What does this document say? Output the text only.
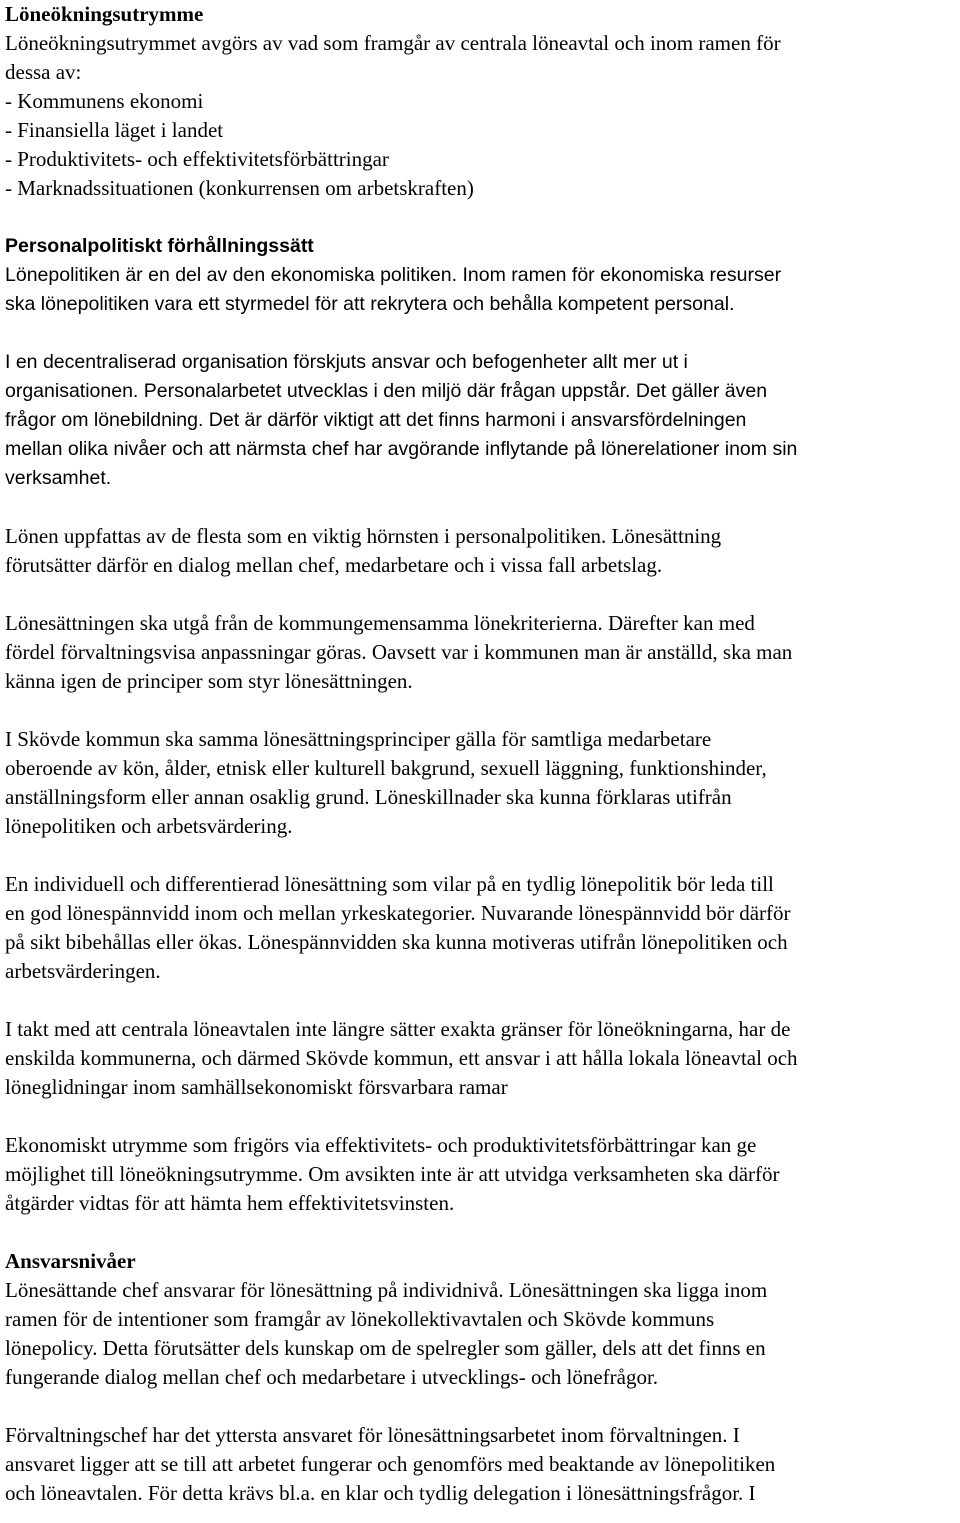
Löneökningsutrymme
Löneökningsutrymmet avgörs av vad som framgår av centrala löneavtal och inom ramen för
dessa av:
- Kommunens ekonomi
- Finansiella läget i landet
- Produktivitets- och effektivitetsförbättringar
- Marknadssituationen (konkurrensen om arbetskraften)
Personalpolitiskt förhållningssätt
Lönepolitiken är en del av den ekonomiska politiken. Inom ramen för ekonomiska resurser
ska lönepolitiken vara ett styrmedel för att rekrytera och behålla kompetent personal.
I en decentraliserad organisation förskjuts ansvar och befogenheter allt mer ut i
organisationen. Personalarbetet utvecklas i den miljö där frågan uppstår. Det gäller även
frågor om lönebildning. Det är därför viktigt att det finns harmoni i ansvarsfördelningen
mellan olika nivåer och att närmsta chef har avgörande inflytande på lönerelationer inom sin
verksamhet.
Lönen uppfattas av de flesta som en viktig hörnsten i personalpolitiken. Lönesättning
förutsätter därför en dialog mellan chef, medarbetare och i vissa fall arbetslag.
Lönesättningen ska utgå från de kommungemensamma lönekriterierna. Därefter kan med
fördel förvaltningsvisa anpassningar göras. Oavsett var i kommunen man är anställd, ska man
känna igen de principer som styr lönesättningen.
I Skövde kommun ska samma lönesättningsprinciper gälla för samtliga medarbetare
oberoende av kön, ålder, etnisk eller kulturell bakgrund, sexuell läggning, funktionshinder,
anställningsform eller annan osaklig grund. Löneskillnader ska kunna förklaras utifrån
lönepolitiken och arbetsvärdering.
En individuell och differentierad lönesättning som vilar på en tydlig lönepolitik bör leda till
en god lönespännvidd inom och mellan yrkeskategorier. Nuvarande lönespännvidd bör därför
på sikt bibehållas eller ökas. Lönespännvidden ska kunna motiveras utifrån lönepolitiken och
arbetsvärderingen.
I takt med att centrala löneavtalen inte längre sätter exakta gränser för löneökningarna, har de
enskilda kommunerna, och därmed Skövde kommun, ett ansvar i att hålla lokala löneavtal och
löneglidningar inom samhällsekonomiskt försvarbara ramar
Ekonomiskt utrymme som frigörs via effektivitets- och produktivitetsförbättringar kan ge
möjlighet till löneökningsutrymme. Om avsikten inte är att utvidga verksamheten ska därför
åtgärder vidtas för att hämta hem effektivitetsvinsten.
Ansvarsnivåer
Lönesättande chef ansvarar för lönesättning på individnivå. Lönesättningen ska ligga inom
ramen för de intentioner som framgår av lönekollektivavtalen och Skövde kommuns
lönepolicy. Detta förutsätter dels kunskap om de spelregler som gäller, dels att det finns en
fungerande dialog mellan chef och medarbetare i utvecklings- och lönefrågor.
Förvaltningschef har det yttersta ansvaret för lönesättningsarbetet inom förvaltningen. I
ansvaret ligger att se till att arbetet fungerar och genomförs med beaktande av lönepolitiken
och löneavtalen. För detta krävs bl.a. en klar och tydlig delegation i lönesättningsfrågor. I
